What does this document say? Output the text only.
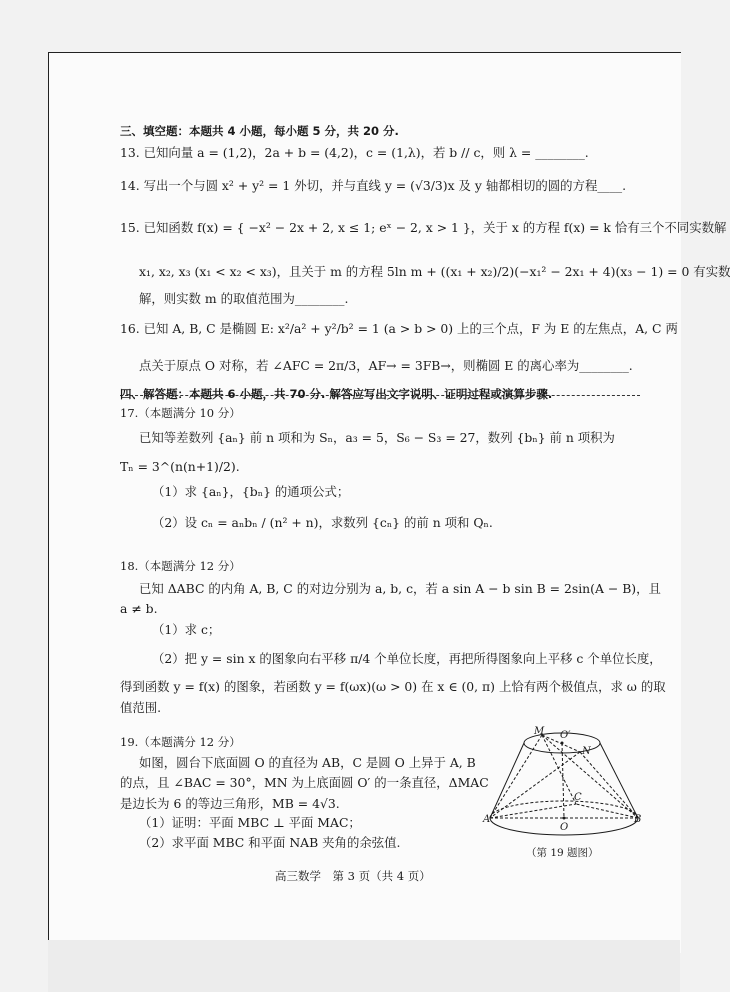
三、填空题：本题共 4 小题，每小题 5 分，共 20 分.
13. 已知向量 a = (1,2)，2a + b = (4,2)，c = (1,λ)，若 b // c，则 λ = ________.
14. 写出一个与圆 x² + y² = 1 外切，并与直线 y = (√3/3)x 及 y 轴都相切的圆的方程____.
15. 已知函数 f(x) = { −x² − 2x + 2, x ≤ 1; eˣ − 2, x > 1 }，关于 x 的方程 f(x) = k 恰有三个不同实数解
x₁, x₂, x₃ (x₁ < x₂ < x₃)，且关于 m 的方程 5ln m + ((x₁ + x₂)/2)(−x₁² − 2x₁ + 4)(x₃ − 1) = 0 有实数
解，则实数 m 的取值范围为________.
16. 已知 A, B, C 是椭圆 E: x²/a² + y²/b² = 1 (a > b > 0) 上的三个点，F 为 E 的左焦点，A, C 两
点关于原点 O 对称，若 ∠AFC = 2π/3，AF→ = 3FB→，则椭圆 E 的离心率为________.
四、解答题：本题共 6 小题，共 70 分. 解答应写出文字说明、证明过程或演算步骤.
17.（本题满分 10 分）
已知等差数列 {aₙ} 前 n 项和为 Sₙ，a₃ = 5，S₆ − S₃ = 27，数列 {bₙ} 前 n 项积为
Tₙ = 3^(n(n+1)/2).
（1）求 {aₙ}，{bₙ} 的通项公式；
（2）设 cₙ = aₙbₙ / (n² + n)，求数列 {cₙ} 的前 n 项和 Qₙ.
18.（本题满分 12 分）
已知 ΔABC 的内角 A, B, C 的对边分别为 a, b, c，若 a sin A − b sin B = 2sin(A − B)，且
a ≠ b.
（1）求 c；
（2）把 y = sin x 的图象向右平移 π/4 个单位长度，再把所得图象向上平移 c 个单位长度，
得到函数 y = f(x) 的图象，若函数 y = f(ωx)(ω > 0) 在 x ∈ (0, π) 上恰有两个极值点，求 ω 的取
值范围.
19.（本题满分 12 分）
如图，圆台下底面圆 O 的直径为 AB，C 是圆 O 上异于 A, B
的点，且 ∠BAC = 30°，MN 为上底面圆 O′ 的一条直径，ΔMAC
是边长为 6 的等边三角形，MB = 4√3.
（1）证明：平面 MBC ⊥ 平面 MAC；
（2）求平面 MBC 和平面 NAB 夹角的余弦值.
M O′
N
C
A	B
O
（第 19 题图）
高三数学　第 3 页（共 4 页）
